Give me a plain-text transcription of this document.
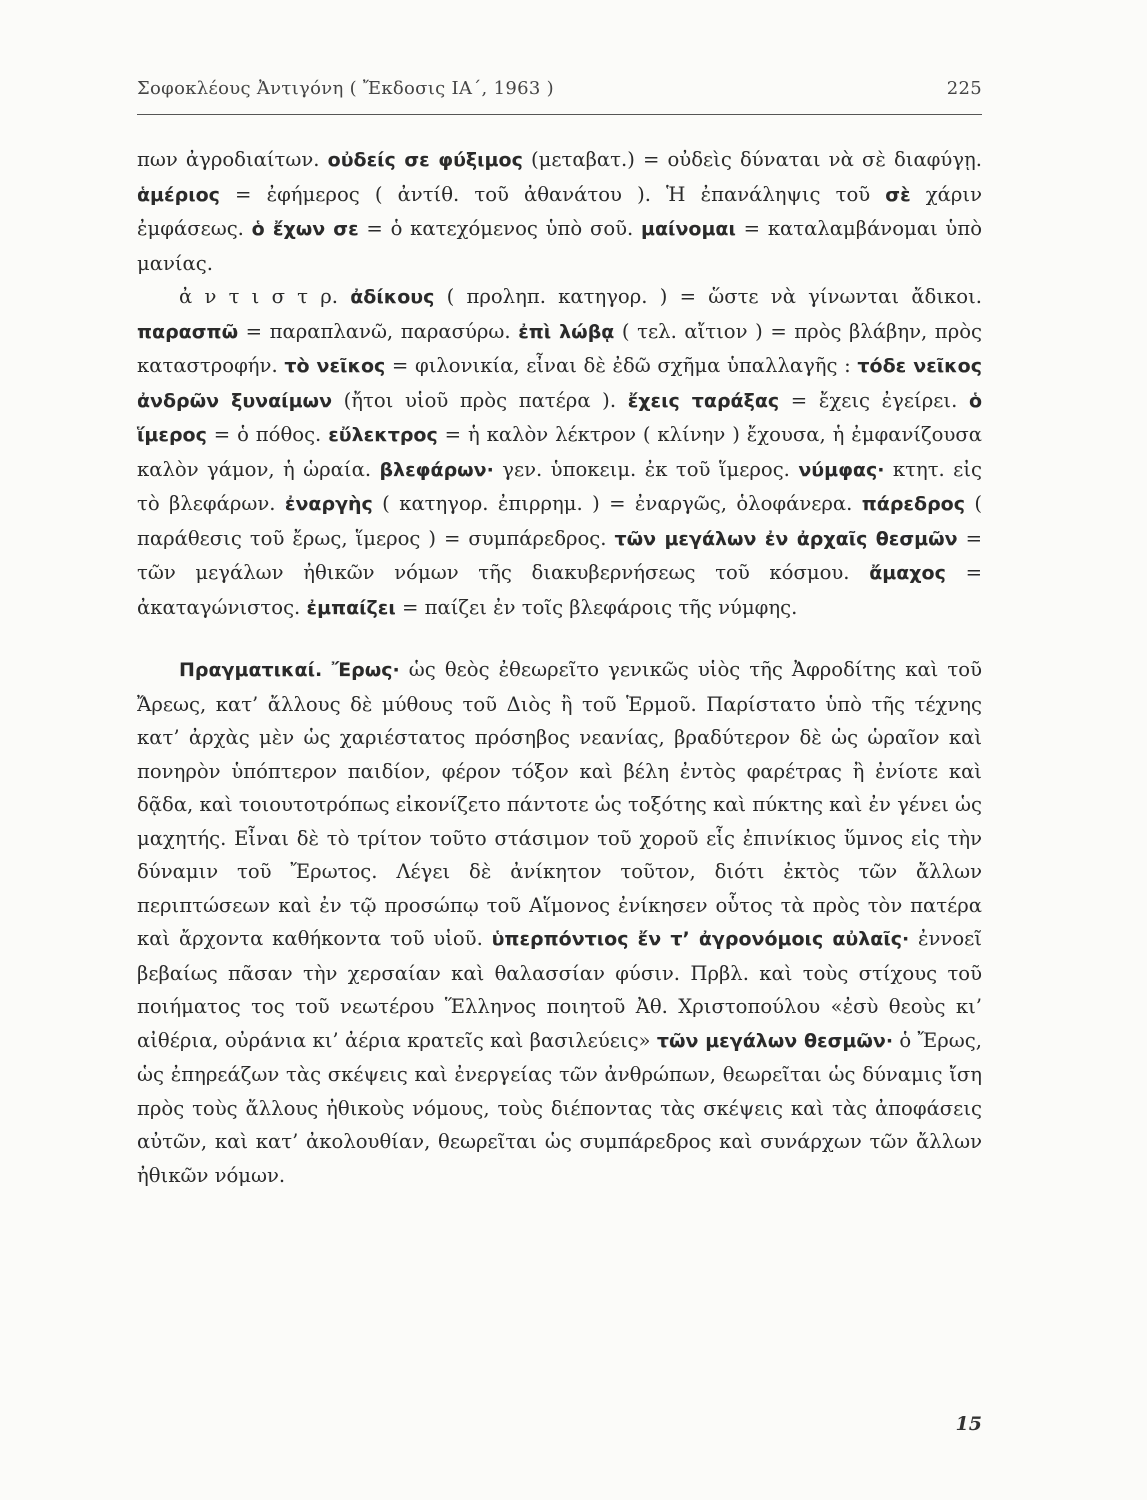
Σοφοκλέους Ἀντιγόνη ( Ἔκδοσις ΙΑ΄, 1963 )	225

πων ἀγροδιαίτων. οὐδείς σε φύξιμος (μεταβατ.) = οὐδεὶς δύναται νὰ σὲ διαφύγῃ. ἁμέριος = ἐφήμερος ( ἀντίθ. τοῦ ἀθανάτου ). Ἡ ἐπανάληψις τοῦ σὲ χάριν ἐμφάσεως. ὁ ἔχων σε = ὁ κατεχόμενος ὑπὸ σοῦ. μαίνομαι = καταλαμβάνομαι ὑπὸ μανίας.

ἀ ν τ ι σ τ ρ. ἀδίκους ( προληπ. κατηγορ. ) = ὥστε νὰ γίνωνται ἄδικοι. παρασπῶ = παραπλανῶ, παρασύρω. ἐπὶ λώβᾳ ( τελ. αἴτιον ) = πρὸς βλάβην, πρὸς καταστροφήν. τὸ νεῖκος = φιλονικία, εἶναι δὲ ἐδῶ σχῆμα ὑπαλλαγῆς : τόδε νεῖκος ἀνδρῶν ξυναίμων (ἤτοι υἱοῦ πρὸς πατέρα ). ἔχεις ταράξας = ἔχεις ἐγείρει. ὁ ἵμερος = ὁ πόθος. εὔλεκτρος = ἡ καλὸν λέκτρον ( κλίνην ) ἔχουσα, ἡ ἐμφανίζουσα καλὸν γάμον, ἡ ὡραία. βλεφάρων· γεν. ὑποκειμ. ἐκ τοῦ ἵμερος. νύμφας· κτητ. εἰς τὸ βλεφάρων. ἐναργὴς ( κατηγορ. ἐπιρρημ. ) = ἐναργῶς, ὁλοφάνερα. πάρεδρος ( παράθεσις τοῦ ἔρως, ἵμερος ) = συμπάρεδρος. τῶν μεγάλων ἐν ἀρχαῖς θεσμῶν = τῶν μεγάλων ἠθικῶν νόμων τῆς διακυβερνήσεως τοῦ κόσμου. ἄμαχος = ἀκαταγώνιστος. ἐμπαίζει = παίζει ἐν τοῖς βλεφάροις τῆς νύμφης.

Πραγματικαί. Ἔρως· ὡς θεὸς ἐθεωρεῖτο γενικῶς υἱὸς τῆς Ἀφροδίτης καὶ τοῦ Ἄρεως, κατ’ ἄλλους δὲ μύθους τοῦ Διὸς ἢ τοῦ Ἑρμοῦ. Παρίστατο ὑπὸ τῆς τέχνης κατ’ ἀρχὰς μὲν ὡς χαριέστατος πρόσηβος νεανίας, βραδύτερον δὲ ὡς ὡραῖον καὶ πονηρὸν ὑπόπτερον παιδίον, φέρον τόξον καὶ βέλη ἐντὸς φαρέτρας ἢ ἐνίοτε καὶ δᾷδα, καὶ τοιουτοτρόπως εἰκονίζετο πάντοτε ὡς τοξότης καὶ πύκτης καὶ ἐν γένει ὡς μαχητής. Εἶναι δὲ τὸ τρίτον τοῦτο στάσιμον τοῦ χοροῦ εἷς ἐπινίκιος ὕμνος εἰς τὴν δύναμιν τοῦ Ἔρωτος. Λέγει δὲ ἀνίκητον τοῦτον, διότι ἐκτὸς τῶν ἄλλων περιπτώσεων καὶ ἐν τῷ προσώπῳ τοῦ Αἵμονος ἐνίκησεν οὗτος τὰ πρὸς τὸν πατέρα καὶ ἄρχοντα καθήκοντα τοῦ υἱοῦ. ὑπερπόντιος ἔν τ’ ἀγρονόμοις αὐλαῖς· ἐννοεῖ βεβαίως πᾶσαν τὴν χερσαίαν καὶ θαλασσίαν φύσιν. Πρβλ. καὶ τοὺς στίχους τοῦ ποιήματος τος τοῦ νεωτέρου Ἕλληνος ποιητοῦ Ἀθ. Χριστοπούλου «ἐσὺ θεοὺς κι’ αἰθέρια, οὐράνια κι’ ἀέρια κρατεῖς καὶ βασιλεύεις» τῶν μεγάλων θεσμῶν· ὁ Ἔρως, ὡς ἐπηρεάζων τὰς σκέψεις καὶ ἐνεργείας τῶν ἀνθρώπων, θεωρεῖται ὡς δύναμις ἴση πρὸς τοὺς ἄλλους ἠθικοὺς νόμους, τοὺς διέποντας τὰς σκέψεις καὶ τὰς ἀποφάσεις αὐτῶν, καὶ κατ’ ἀκολουθίαν, θεωρεῖται ὡς συμπάρεδρος καὶ συνάρχων τῶν ἄλλων ἠθικῶν νόμων.

15
